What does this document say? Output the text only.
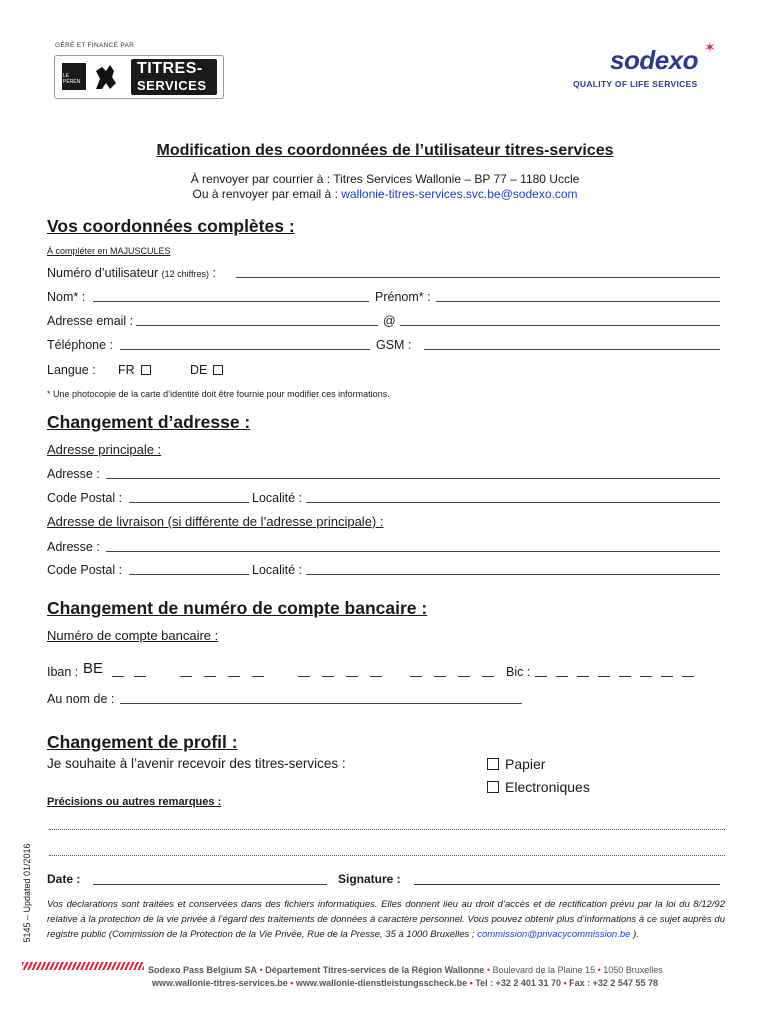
GÉRÉ ET FINANCÉ PAR
LE PÉRÉN
TITRES-
SERVICES
sodexo ✶
QUALITY OF LIFE SERVICES
Modification des coordonnées de l’utilisateur titres-services
À renvoyer par courrier à : Titres Services Wallonie – BP 77 – 1180 Uccle
Ou à renvoyer par email à : wallonie-titres-services.svc.be@sodexo.com
Vos coordonnées complètes :
À compléter en MAJUSCULES
Numéro d’utilisateur (12 chiffres) :
Nom* :	Prénom* :
Adresse email :	@
Téléphone :	GSM :
Langue : FR	DE
* Une photocopie de la carte d’identité doit être fournie pour modifier ces informations.
Changement d’adresse :
Adresse principale :
Adresse :
Code Postal :	Localité :
Adresse de livraison (si différente de l’adresse principale) :
Adresse :
Code Postal :	Localité :
Changement de numéro de compte bancaire :
Numéro de compte bancaire :
Iban : BE	Bic :
Au nom de :
Changement de profil :
Je souhaite à l’avenir recevoir des titres-services :	Papier
Electroniques
Précisions ou autres remarques :
Date :	Signature :
Vos déclarations sont traitées et conservées dans des fichiers informatiques. Elles donnent lieu au droit d’accès et de rectification prévu par la loi du 8/12/92 relative à la protection de la vie privée à l’égard des traitements de données à caractère personnel. Vous pouvez obtenir plus d’informations à ce sujet auprès du registre public (Commission de la Protection de la Vie Privée, Rue de la Presse, 35 à 1000 Bruxelles ; commission@privacycommission.be ).
5145 – Updated 01/2016
Sodexo Pass Belgium SA • Département Titres-services de la Région Wallonne • Boulevard de la Plaine 15 • 1050 Bruxelles
www.wallonie-titres-services.be • www.wallonie-dienstleistungsscheck.be • Tel : +32 2 401 31 70 • Fax : +32 2 547 55 78
